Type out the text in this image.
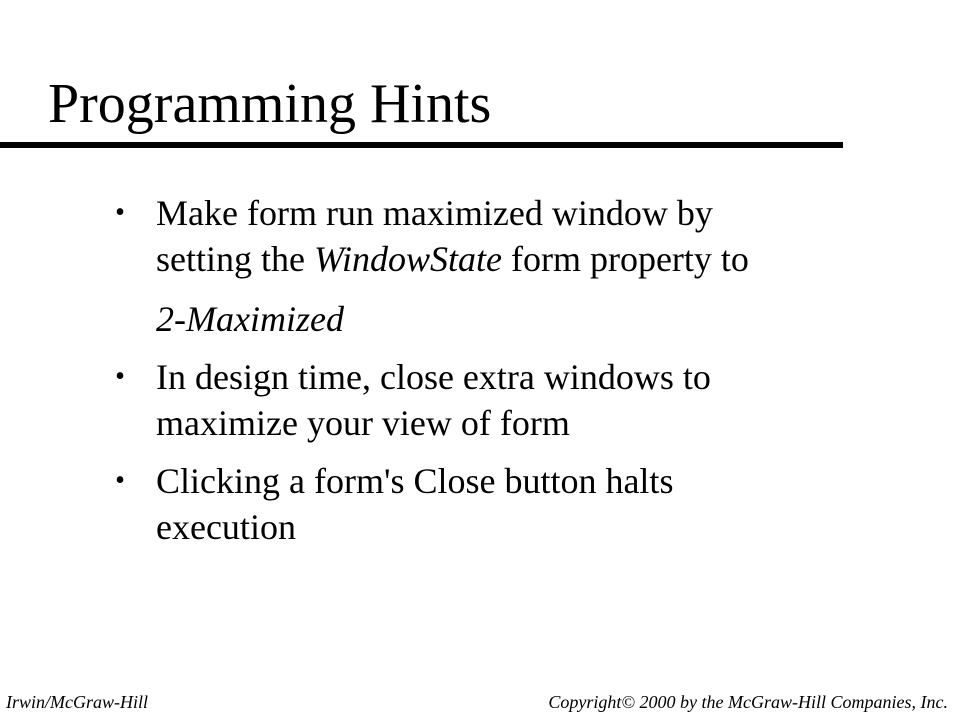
Programming Hints
• Make form run maximized window by
setting the WindowState form property to
2-Maximized
• In design time, close extra windows to
maximize your view of form
• Clicking a form's Close button halts
execution
Irwin/McGraw-Hill	Copyright© 2000 by the McGraw-Hill Companies, Inc.
